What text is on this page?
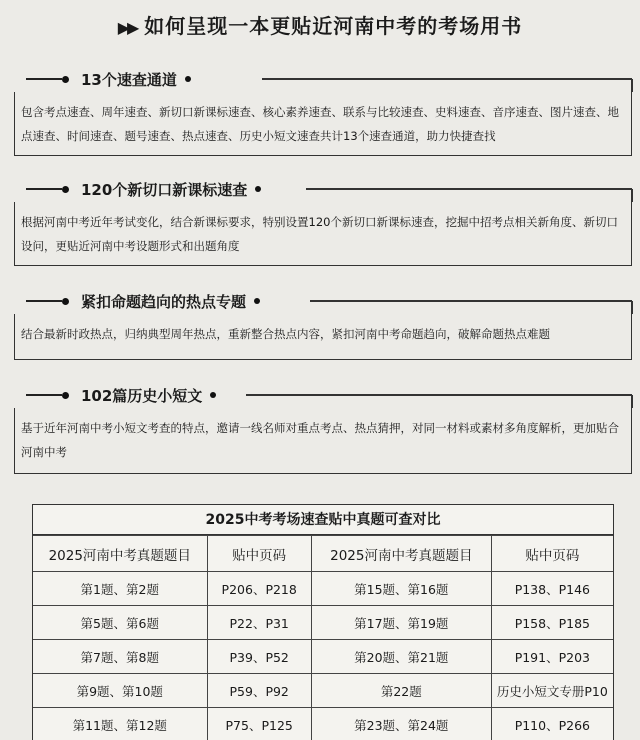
▶▶ 如何呈现一本更贴近河南中考的考场用书
13个速查通道
包含考点速查、周年速查、新切口新课标速查、核心素养速查、联系与比较速查、史料速查、音序速查、图片速查、地点速查、时间速查、题号速查、热点速查、历史小短文速查共计13个速查通道，助力快捷查找
120个新切口新课标速查
根据河南中考近年考试变化，结合新课标要求，特别设置120个新切口新课标速查，挖掘中招考点相关新角度、新切口设问，更贴近河南中考设题形式和出题角度
紧扣命题趋向的热点专题
结合最新时政热点，归纳典型周年热点，重新整合热点内容，紧扣河南中考命题趋向，破解命题热点难题
102篇历史小短文
基于近年河南中考小短文考查的特点，邀请一线名师对重点考点、热点猜押，对同一材料或素材多角度解析，更加贴合河南中考
2025中考考场速查贴中真题可查对比
2025河南中考真题题目	贴中页码	2025河南中考真题题目	贴中页码
第1题、第2题	P206、P218	第15题、第16题	P138、P146
第5题、第6题	P22、P31	第17题、第19题	P158、P185
第7题、第8题	P39、P52	第20题、第21题	P191、P203
第9题、第10题	P59、P92	第22题	历史小短文专册P10
第11题、第12题	P75、P125	第23题、第24题	P110、P266
